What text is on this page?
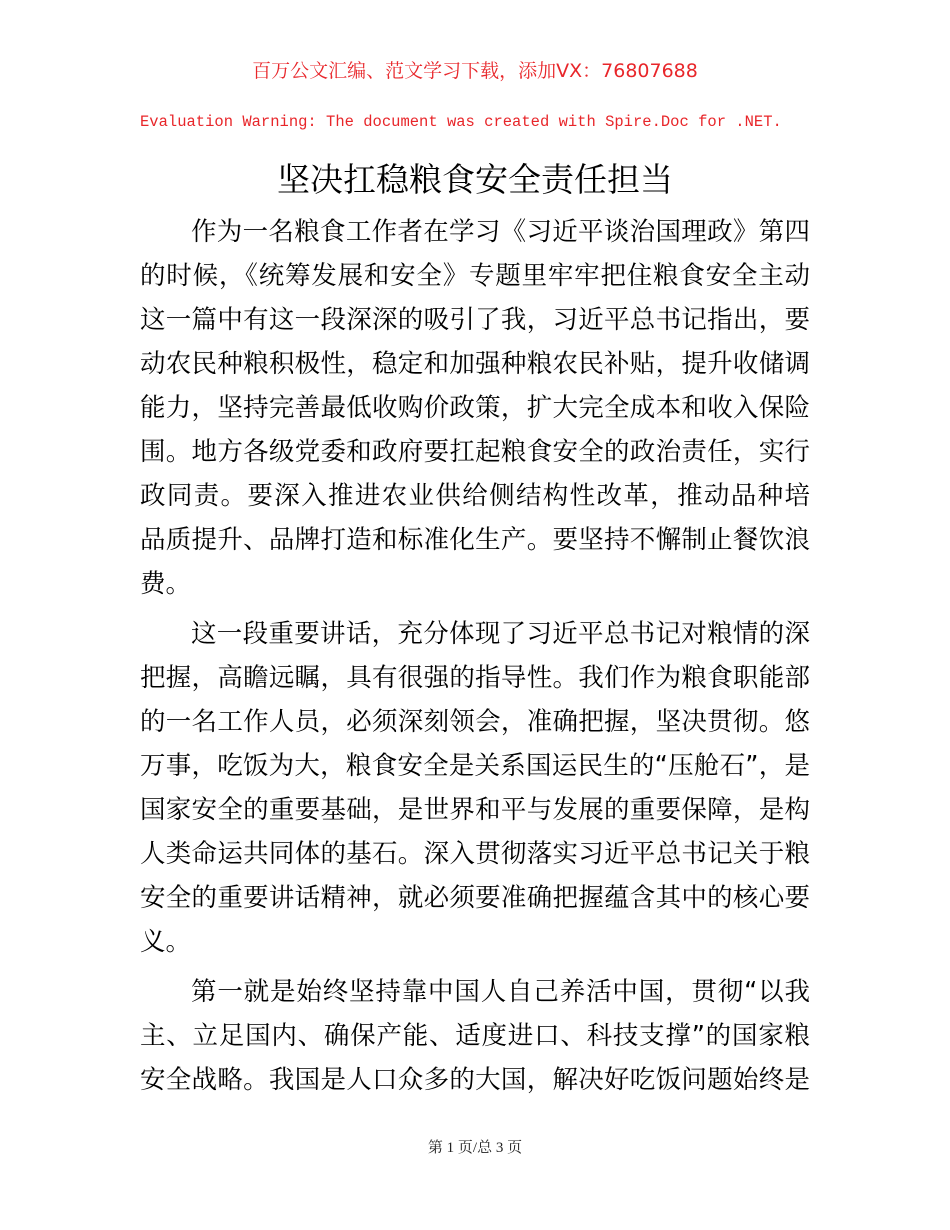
百万公文汇编、范文学习下载，添加VX：76807688
Evaluation Warning: The document was created with Spire.Doc for .NET.
坚决扛稳粮食安全责任担当
作为一名粮食工作者在学习《习近平谈治国理政》第四
的时候，《统筹发展和安全》专题里牢牢把住粮食安全主动
这一篇中有这一段深深的吸引了我，习近平总书记指出，要
动农民种粮积极性，稳定和加强种粮农民补贴，提升收储调
能力，坚持完善最低收购价政策，扩大完全成本和收入保险
围。地方各级党委和政府要扛起粮食安全的政治责任，实行
政同责。要深入推进农业供给侧结构性改革，推动品种培
品质提升、品牌打造和标准化生产。要坚持不懈制止餐饮浪
费。
这一段重要讲话，充分体现了习近平总书记对粮情的深
把握，高瞻远瞩，具有很强的指导性。我们作为粮食职能部
的一名工作人员，必须深刻领会，准确把握，坚决贯彻。悠
万事，吃饭为大，粮食安全是关系国运民生的“压舱石”，是
国家安全的重要基础，是世界和平与发展的重要保障，是构
人类命运共同体的基石。深入贯彻落实习近平总书记关于粮
安全的重要讲话精神，就必须要准确把握蕴含其中的核心要
义。
第一就是始终坚持靠中国人自己养活中国，贯彻“以我
主、立足国内、确保产能、适度进口、科技支撑”的国家粮
安全战略。我国是人口众多的大国，解决好吃饭问题始终是
第 1 页/总 3 页
